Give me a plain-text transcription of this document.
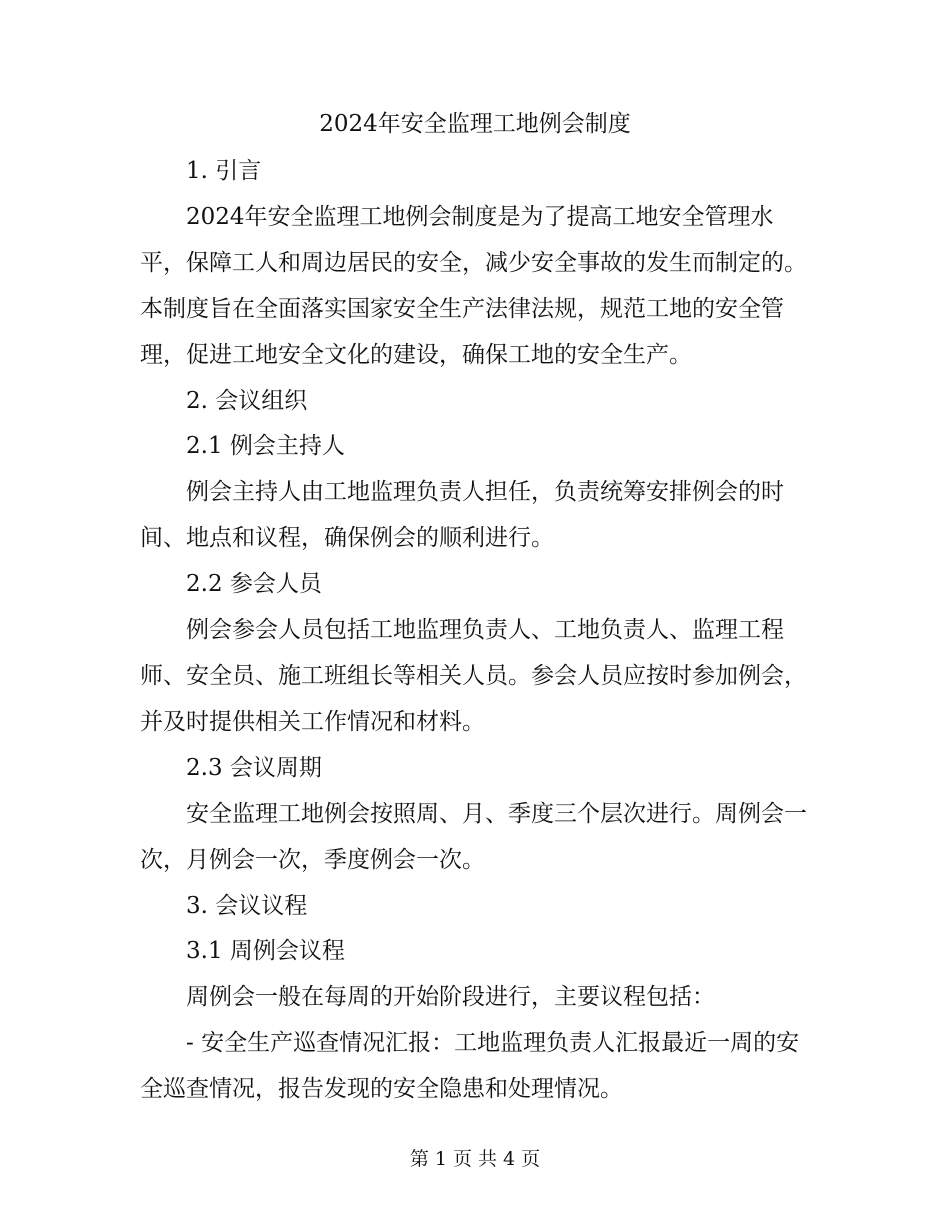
2024年安全监理工地例会制度

1. 引言

2024年安全监理工地例会制度是为了提高工地安全管理水平，保障工人和周边居民的安全，减少安全事故的发生而制定的。本制度旨在全面落实国家安全生产法律法规，规范工地的安全管理，促进工地安全文化的建设，确保工地的安全生产。

2. 会议组织

2.1 例会主持人

例会主持人由工地监理负责人担任，负责统筹安排例会的时间、地点和议程，确保例会的顺利进行。

2.2 参会人员

例会参会人员包括工地监理负责人、工地负责人、监理工程师、安全员、施工班组长等相关人员。参会人员应按时参加例会，并及时提供相关工作情况和材料。

2.3 会议周期

安全监理工地例会按照周、月、季度三个层次进行。周例会一次，月例会一次，季度例会一次。

3. 会议议程

3.1 周例会议程

周例会一般在每周的开始阶段进行，主要议程包括：

- 安全生产巡查情况汇报：工地监理负责人汇报最近一周的安全巡查情况，报告发现的安全隐患和处理情况。

第 1 页 共 4 页
